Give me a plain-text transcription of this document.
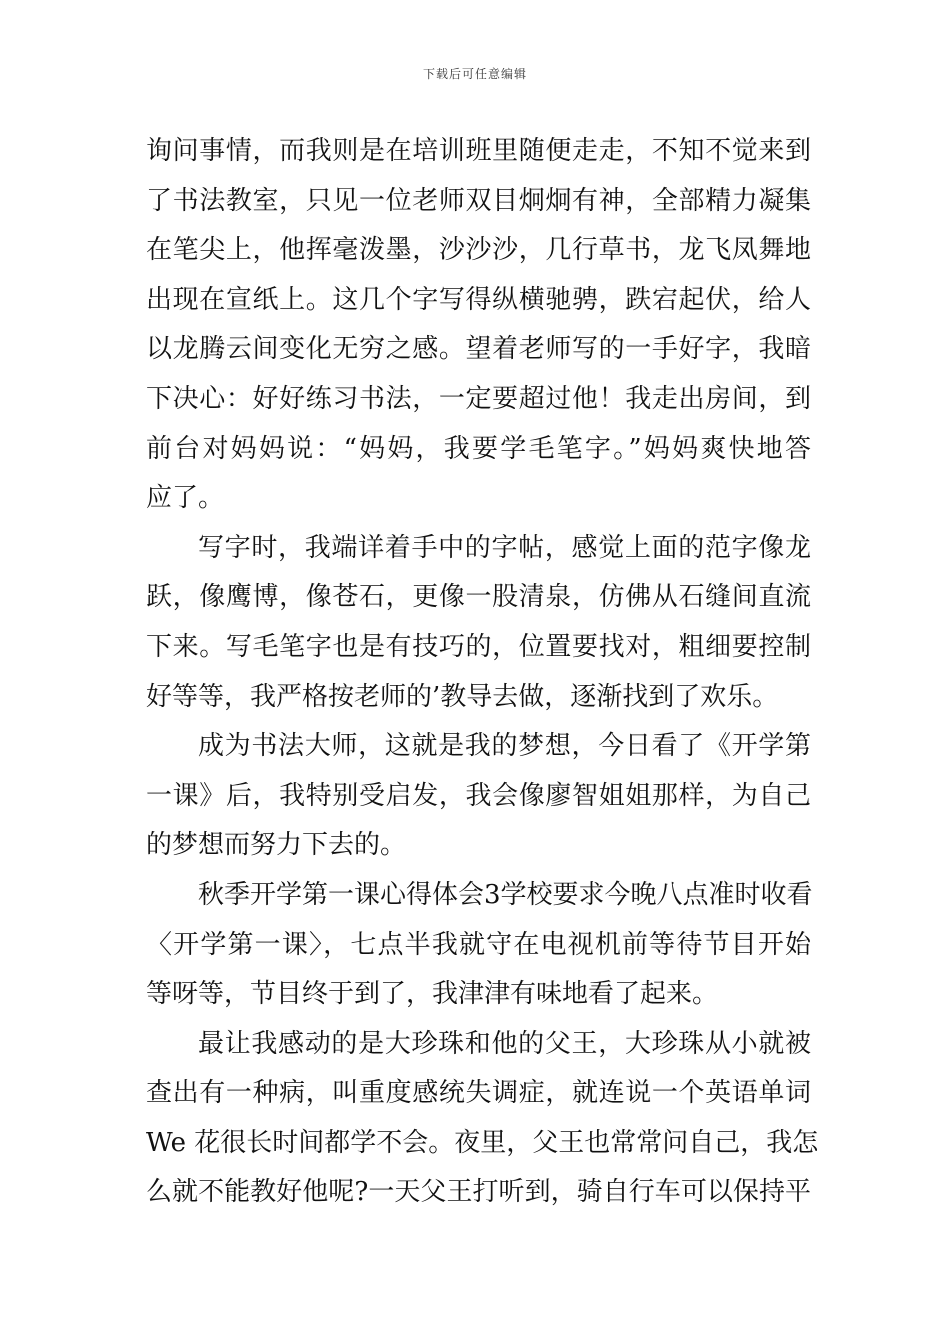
下载后可任意编辑
询问事情，而我则是在培训班里随便走走，不知不觉来到
了书法教室，只见一位老师双目炯炯有神，全部精力凝集
在笔尖上，他挥毫泼墨，沙沙沙，几行草书，龙飞凤舞地
出现在宣纸上。这几个字写得纵横驰骋，跌宕起伏，给人
以龙腾云间变化无穷之感。望着老师写的一手好字，我暗
下决心：好好练习书法，一定要超过他！我走出房间，到
前台对妈妈说：“妈妈，我要学毛笔字。”妈妈爽快地答
应了。
写字时，我端详着手中的字帖，感觉上面的范字像龙
跃，像鹰博，像苍石，更像一股清泉，仿佛从石缝间直流
下来。写毛笔字也是有技巧的，位置要找对，粗细要控制
好等等，我严格按老师的’教导去做，逐渐找到了欢乐。
成为书法大师，这就是我的梦想，今日看了《开学第
一课》后，我特别受启发，我会像廖智姐姐那样，为自己
的梦想而努力下去的。
秋季开学第一课心得体会3学校要求今晚八点准时收看
〈开学第一课〉，七点半我就守在电视机前等待节目开始
等呀等，节目终于到了，我津津有味地看了起来。
最让我感动的是大珍珠和他的父王，大珍珠从小就被
查出有一种病，叫重度感统失调症，就连说一个英语单词
We 花很长时间都学不会。夜里，父王也常常问自己，我怎
么就不能教好他呢?一天父王打听到，骑自行车可以保持平
